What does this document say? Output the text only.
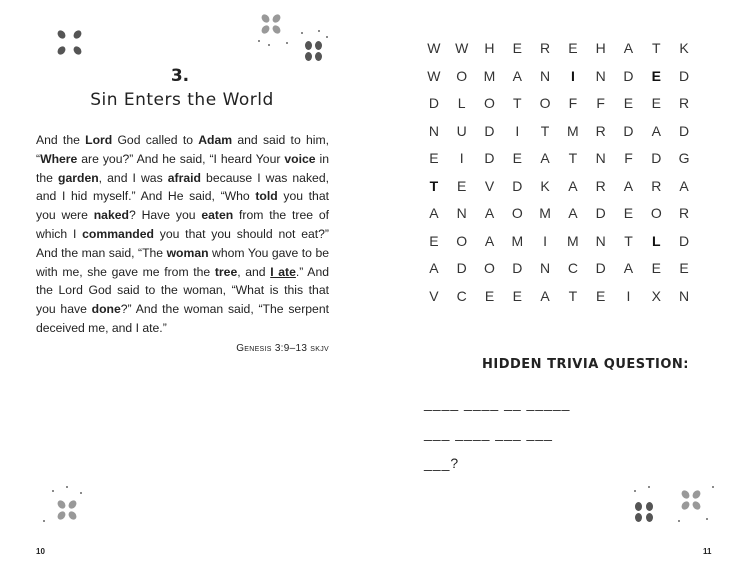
3.
Sin Enters the World
And the Lord God called to Adam and said to him, “Where are you?” And he said, “I heard Your voice in the garden, and I was afraid because I was naked, and I hid myself.” And He said, “Who told you that you were naked? Have you eaten from the tree of which I commanded you that you should not eat?” And the man said, “The woman whom You gave to be with me, she gave me from the tree, and I ate.” And the Lord God said to the woman, “What is this that you have done?” And the woman said, “The serpent deceived me, and I ate.”
Genesis 3:9–13 skjv
10
W	W	H	E	R	E	H	A	T	K
W	O	M	A	N	I	N	D	E	D
D	L	O	T	O	F	F	E	E	R
N	U	D	I	T	M	R	D	A	D
E	I	D	E	A	T	N	F	D	G
T	E	V	D	K	A	R	A	R	A
A	N	A	O	M	A	D	E	O	R
E	O	A	M	I	M	N	T	L	D
A	D	O	D	N	C	D	A	E	E
V	C	E	E	A	T	E	I	X	N
HIDDEN TRIVIA QUESTION:
____ ____ __ _____
___ ____ ___ ___
___?
11
